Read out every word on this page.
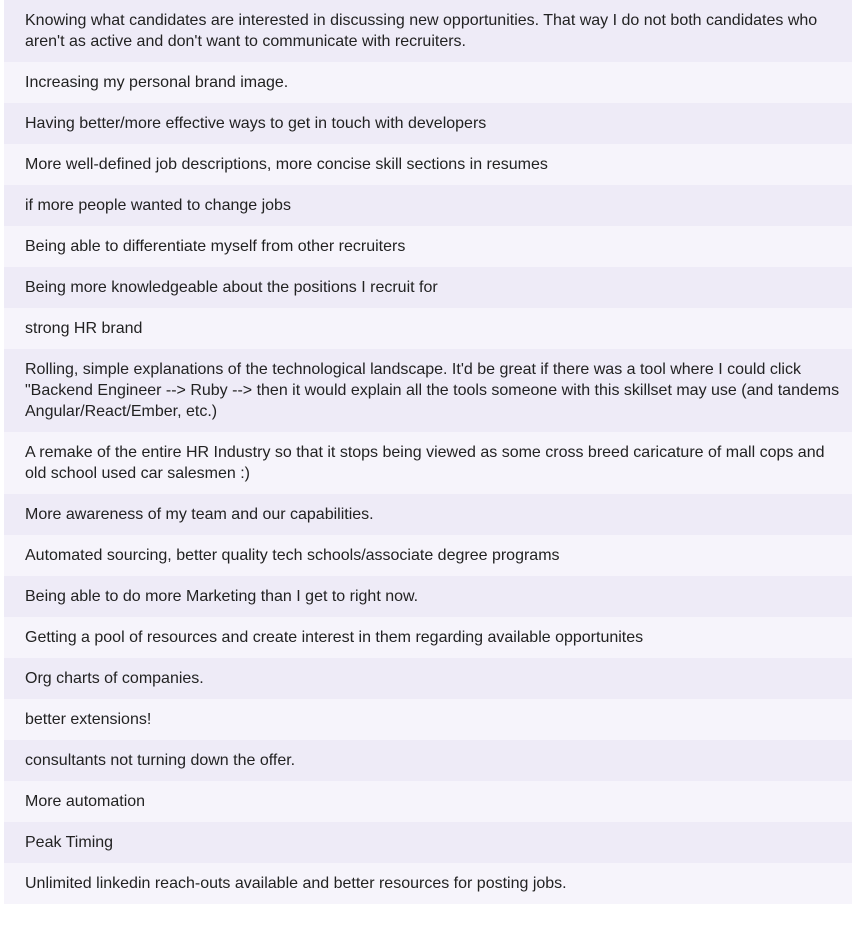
Knowing what candidates are interested in discussing new opportunities. That way I do not both candidates who aren't as active and don't want to communicate with recruiters.
Increasing my personal brand image.
Having better/more effective ways to get in touch with developers
More well-defined job descriptions, more concise skill sections in resumes
if more people wanted to change jobs
Being able to differentiate myself from other recruiters
Being more knowledgeable about the positions I recruit for
strong HR brand
Rolling, simple explanations of the technological landscape. It'd be great if there was a tool where I could click "Backend Engineer --> Ruby --> then it would explain all the tools someone with this skillset may use (and tandems Angular/React/Ember, etc.)
A remake of the entire HR Industry so that it stops being viewed as some cross breed caricature of mall cops and old school used car salesmen :)
More awareness of my team and our capabilities.
Automated sourcing, better quality tech schools/associate degree programs
Being able to do more Marketing than I get to right now.
Getting a pool of resources and create interest in them regarding available opportunites
Org charts of companies.
better extensions!
consultants not turning down the offer.
More automation
Peak Timing
Unlimited linkedin reach-outs available and better resources for posting jobs.
